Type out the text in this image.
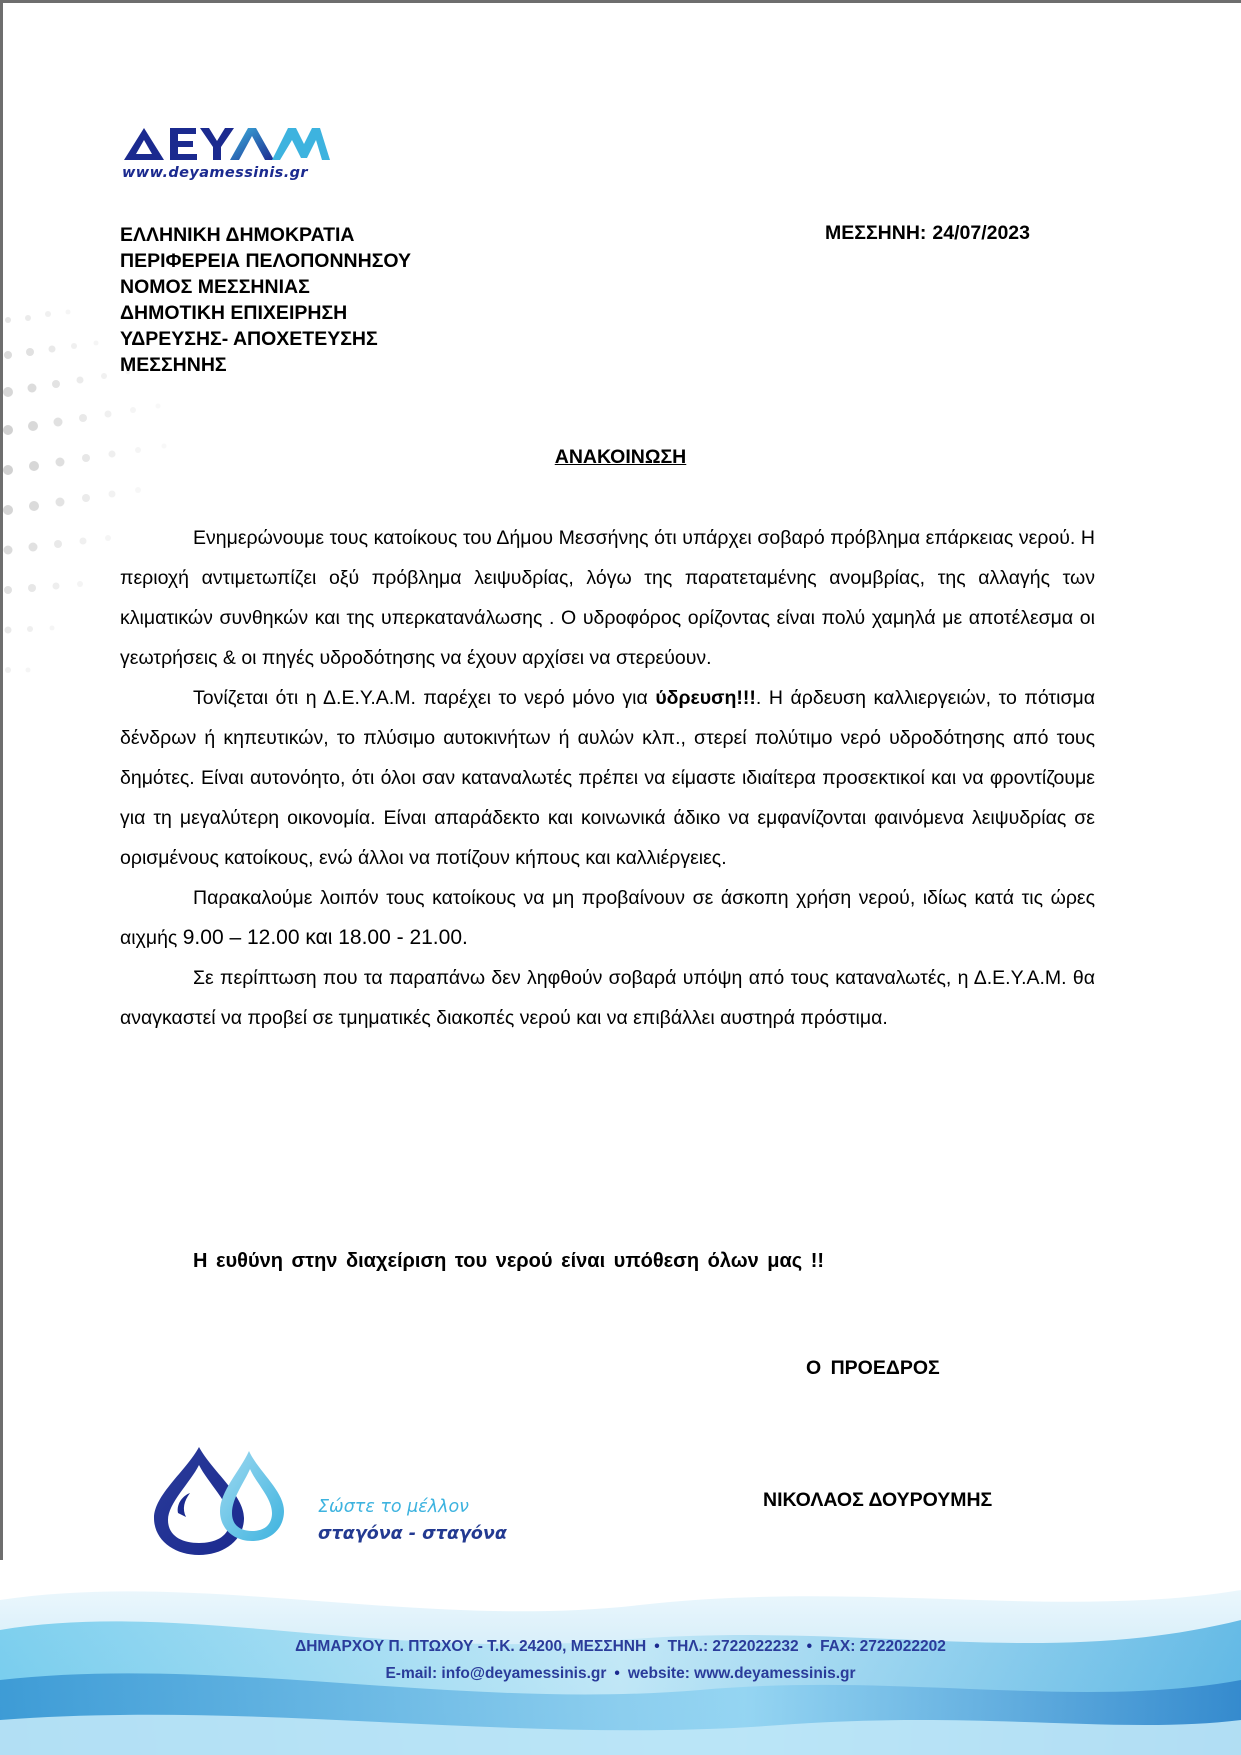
www.deyamessinis.gr
ΕΛΛΗΝΙΚΗ ΔΗΜΟΚΡΑΤΙΑ
ΠΕΡΙΦΕΡΕΙΑ ΠΕΛΟΠΟΝΝΗΣΟΥ
ΝΟΜΟΣ ΜΕΣΣΗΝΙΑΣ
ΔΗΜΟΤΙΚΗ ΕΠΙΧΕΙΡΗΣΗ
ΥΔΡΕΥΣΗΣ- ΑΠΟΧΕΤΕΥΣΗΣ
ΜΕΣΣΗΝΗΣ
ΜΕΣΣΗΝΗ: 24/07/2023
ΑΝΑΚΟΙΝΩΣΗ

Ενημερώνουμε τους κατοίκους του Δήμου Μεσσήνης ότι υπάρχει σοβαρό πρόβλημα επάρκειας νερού. Η περιοχή αντιμετωπίζει οξύ πρόβλημα λειψυδρίας, λόγω της παρατεταμένης ανομβρίας, της αλλαγής των κλιματικών συνθηκών και της υπερκατανάλωσης . Ο υδροφόρος ορίζοντας είναι πολύ χαμηλά με αποτέλεσμα οι γεωτρήσεις & οι πηγές υδροδότησης να έχουν αρχίσει να στερεύουν.

Τονίζεται ότι η Δ.Ε.Υ.Α.Μ. παρέχει το νερό μόνο για ύδρευση!!!. Η άρδευση καλλιεργειών, το πότισμα δένδρων ή κηπευτικών, το πλύσιμο αυτοκινήτων ή αυλών κλπ., στερεί πολύτιμο νερό υδροδότησης από τους δημότες. Είναι αυτονόητο, ότι όλοι σαν καταναλωτές πρέπει να είμαστε ιδιαίτερα προσεκτικοί και να φροντίζουμε για τη μεγαλύτερη οικονομία. Είναι απαράδεκτο και κοινωνικά άδικο να εμφανίζονται φαινόμενα λειψυδρίας σε ορισμένους κατοίκους, ενώ άλλοι να ποτίζουν κήπους και καλλιέργειες.

Παρακαλούμε λοιπόν τους κατοίκους να μη προβαίνουν σε άσκοπη χρήση νερού, ιδίως κατά τις ώρες αιχμής 9.00 – 12.00 και 18.00 - 21.00.

Σε περίπτωση που τα παραπάνω δεν ληφθούν σοβαρά υπόψη από τους καταναλωτές, η Δ.Ε.Υ.Α.Μ. θα αναγκαστεί να προβεί σε τμηματικές διακοπές νερού και να επιβάλλει αυστηρά πρόστιμα.

Η ευθύνη στην διαχείριση του νερού είναι υπόθεση όλων μας !!
Ο ΠΡΟΕΔΡΟΣ
ΝΙΚΟΛΑΟΣ ΔΟΥΡΟΥΜΗΣ
Σώστε το μέλλον
σταγόνα - σταγόνα
ΔΗΜΑΡΧΟΥ Π. ΠΤΩΧΟΥ - Τ.Κ. 24200, ΜΕΣΣΗΝΗ • ΤΗΛ.: 2722022232 • FAX: 2722022202
E-mail: info@deyamessinis.gr • website: www.deyamessinis.gr
